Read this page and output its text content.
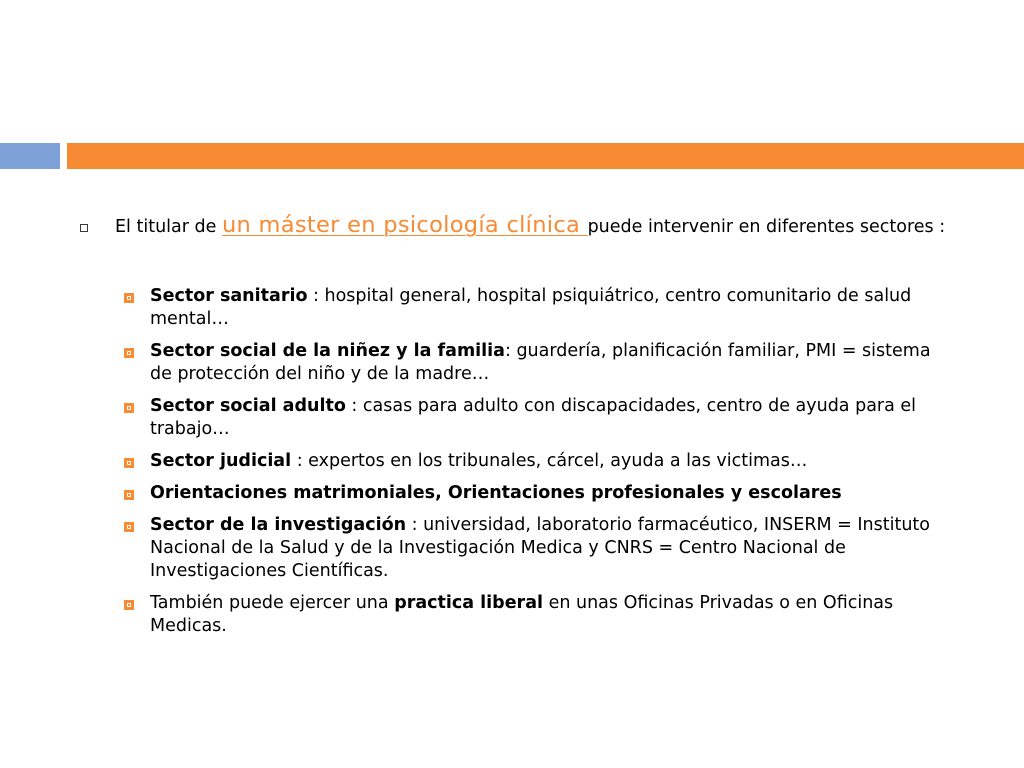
El titular de un máster en psicología clínica puede intervenir en diferentes sectores :
Sector sanitario : hospital general, hospital psiquiátrico, centro comunitario de salud mental…
Sector social de la niñez y la familia: guardería, planificación familiar, PMI = sistema de protección del niño y de la madre…
Sector social adulto : casas para adulto con discapacidades, centro de ayuda para el trabajo…
Sector judicial : expertos en los tribunales, cárcel, ayuda a las victimas…
Orientaciones matrimoniales, Orientaciones profesionales y escolares
Sector de la investigación : universidad, laboratorio farmacéutico, INSERM = Instituto Nacional de la Salud y de la Investigación Medica y CNRS = Centro Nacional de Investigaciones Científicas.
También puede ejercer una practica liberal en unas Oficinas Privadas o en Oficinas Medicas.
